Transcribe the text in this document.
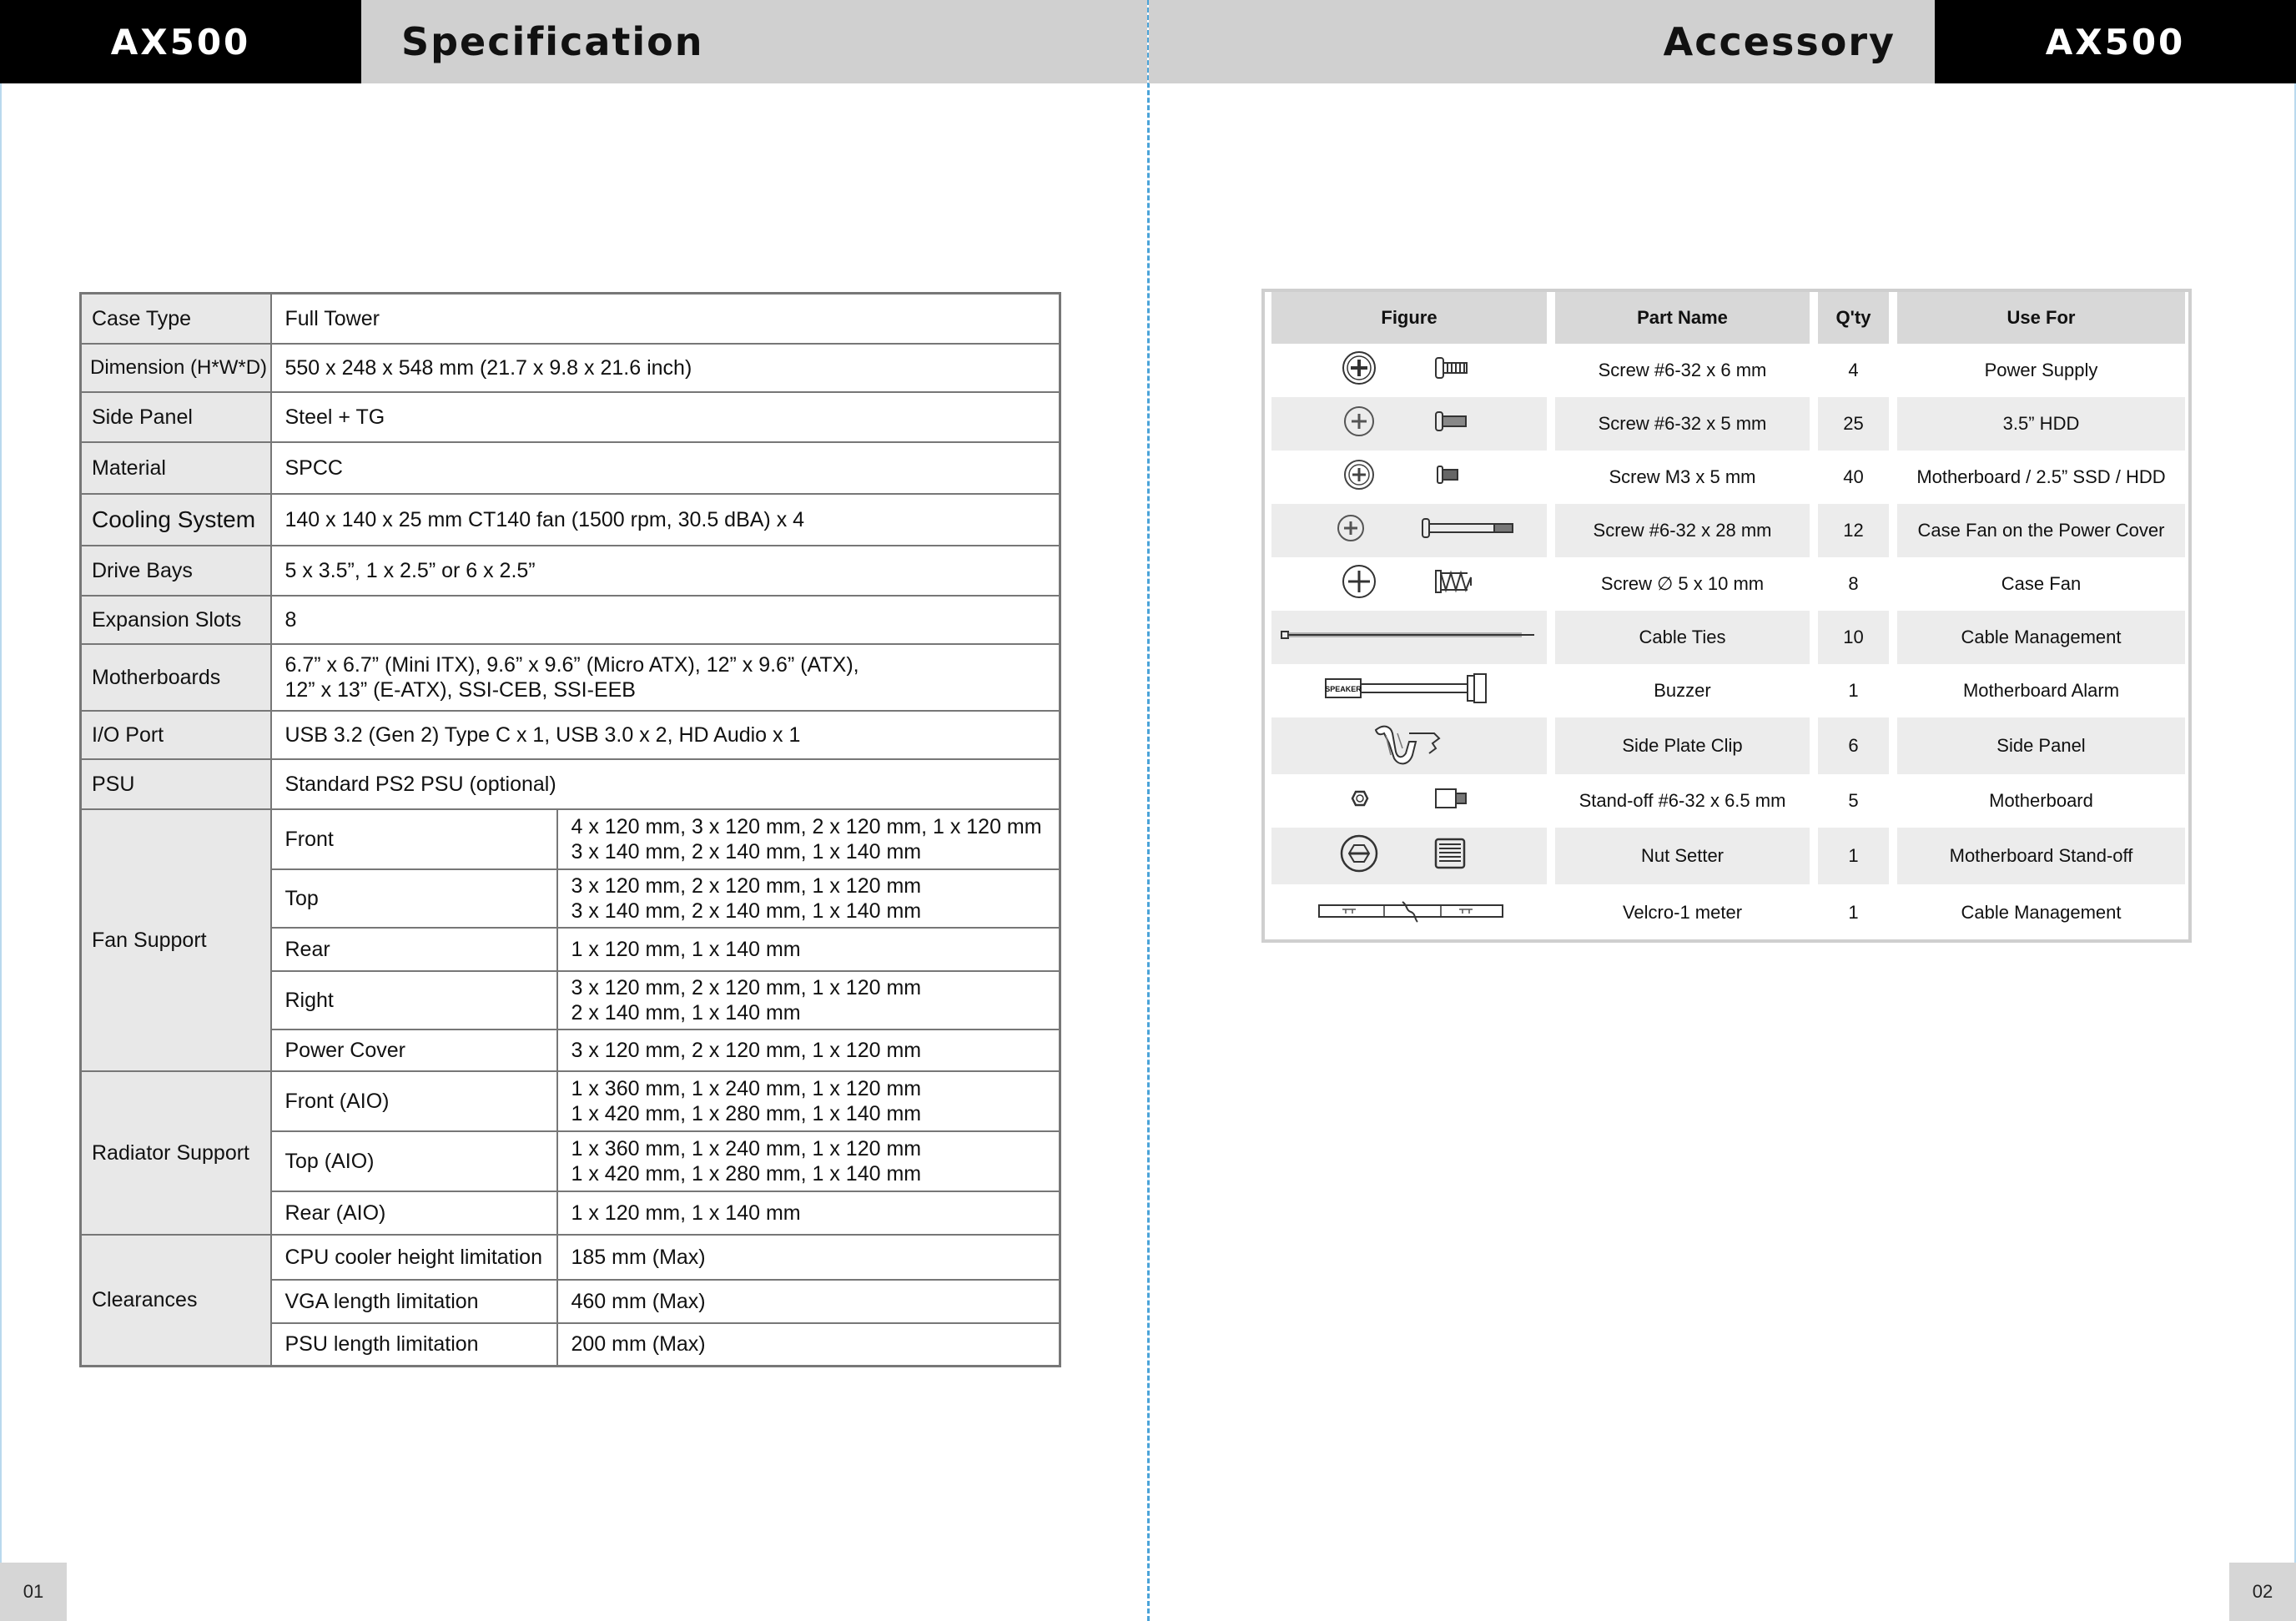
AX500	Specification
Case Type	Full Tower	
Dimension (H*W*D)	550 x 248 x 548 mm (21.7 x 9.8 x 21.6 inch)	
Side Panel	Steel + TG	
Material	SPCC	
Cooling System	140 x 140 x 25 mm CT140 fan (1500 rpm, 30.5 dBA) x 4	
Drive Bays	5 x 3.5”, 1 x 2.5” or 6 x 2.5”	
Expansion Slots	8	
Motherboards	6.7” x 6.7” (Mini ITX), 9.6” x 9.6” (Micro ATX), 12” x 9.6” (ATX),
12” x 13” (E-ATX), SSI-CEB, SSI-EEB	

I/O Port	USB 3.2 (Gen 2) Type C x 1, USB 3.0 x 2, HD Audio x 1	
PSU	Standard PS2 PSU (optional)	
Fan Support	Front	4 x 120 mm, 3 x 120 mm, 2 x 120 mm, 1 x 120 mm
3 x 140 mm, 2 x 140 mm, 1 x 140 mm

	Top	3 x 120 mm, 2 x 120 mm, 1 x 120 mm
3 x 140 mm, 2 x 140 mm, 1 x 140 mm

	Rear	1 x 120 mm, 1 x 140 mm
	Right	3 x 120 mm, 2 x 120 mm, 1 x 120 mm
2 x 140 mm, 1 x 140 mm

	Power Cover	3 x 120 mm, 2 x 120 mm, 1 x 120 mm
Radiator Support	Front (AIO)	1 x 360 mm, 1 x 240 mm, 1 x 120 mm
1 x 420 mm, 1 x 280 mm, 1 x 140 mm

	Top (AIO)	1 x 360 mm, 1 x 240 mm, 1 x 120 mm
1 x 420 mm, 1 x 280 mm, 1 x 140 mm

	Rear (AIO)	1 x 120 mm, 1 x 140 mm
Clearances	CPU cooler height limitation	185 mm (Max)
	VGA length limitation	460 mm (Max)
	PSU length limitation	200 mm (Max)
01
Accessory	AX500
02
Figure	Part Name	Q'ty	Use For
	Screw #6-32 x 6 mm	4	Power Supply
	Screw #6-32 x 5 mm	25	3.5” HDD
	Screw M3 x 5 mm	40	Motherboard / 2.5” SSD / HDD
	Screw #6-32 x 28 mm	12	Case Fan on the Power Cover
	Screw ∅ 5 x 10 mm	8	Case Fan
	Cable Ties	10	Cable Management

SPEAKER	Buzzer	1	Motherboard Alarm
	Side Plate Clip	6	Side Panel
	Stand-off #6-32 x 6.5 mm	5	Motherboard
	Nut Setter	1	Motherboard Stand-off
	Velcro-1 meter	1	Cable Management
